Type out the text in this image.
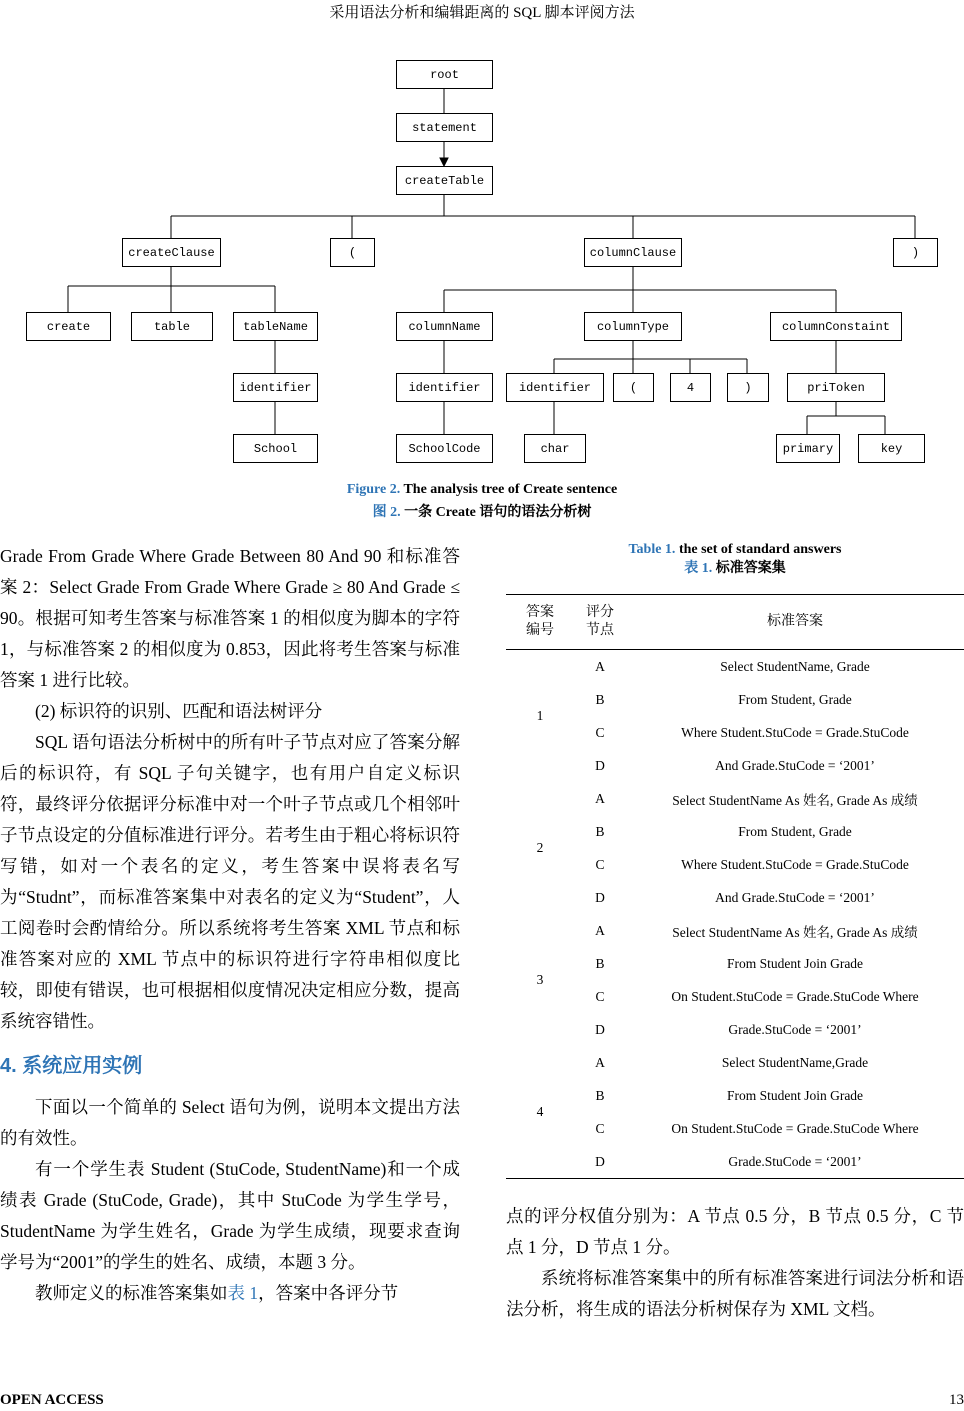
采用语法分析和编辑距离的 SQL 脚本评阅方法
root
statement
createTable
createClause	(	columnClause	)
create	table	tableName	columnName	columnType	columnConstaint
identifier	identifier	identifier	(	4	)	priToken
School	SchoolCode	char	primary	key
Figure 2. The analysis tree of Create sentence
图 2. 一条 Create 语句的语法分析树

Grade From Grade Where Grade Between 80 And 90 和标准答案 2：Select Grade From Grade Where Grade ≥ 80 And Grade ≤ 90。根据可知考生答案与标准答案 1 的相似度为脚本的字符 1，与标准答案 2 的相似度为 0.853，因此将考生答案与标准答案 1 进行比较。

(2) 标识符的识别、匹配和语法树评分

SQL 语句语法分析树中的所有叶子节点对应了答案分解后的标识符，有 SQL 子句关键字，也有用户自定义标识符，最终评分依据评分标准中对一个叶子节点或几个相邻叶子节点设定的分值标准进行评分。若考生由于粗心将标识符写错，如对一个表名的定义，考生答案中误将表名写为“Studnt”，而标准答案集中对表名的定义为“Student”，人工阅卷时会酌情给分。所以系统将考生答案 XML 节点和标准答案对应的 XML 节点中的标识符进行字符串相似度比较，即使有错误，也可根据相似度情况决定相应分数，提高系统容错性。

4. 系统应用实例

下面以一个简单的 Select 语句为例，说明本文提出方法的有效性。

有一个学生表 Student (StuCode, StudentName)和一个成绩表 Grade (StuCode, Grade)，其中 StuCode 为学生学号，StudentName 为学生姓名，Grade 为学生成绩，现要求查询学号为“2001”的学生的姓名、成绩，本题 3 分。

教师定义的标准答案集如表 1，答案中各评分节

Table 1. the set of standard answers
表 1. 标准答案集
答案
编号	评分
节点	标准答案
1	A	Select StudentName, Grade
	B	From Student, Grade
	C	Where Student.StuCode = Grade.StuCode
	D	And Grade.StuCode = ‘2001’
2	A	Select StudentName As 姓名, Grade As 成绩
	B	From Student, Grade
	C	Where Student.StuCode = Grade.StuCode
	D	And Grade.StuCode = ‘2001’
3	A	Select StudentName As 姓名, Grade As 成绩
	B	From Student Join Grade
	C	On Student.StuCode = Grade.StuCode Where
	D	Grade.StuCode = ‘2001’
4	A	Select StudentName,Grade
	B	From Student Join Grade
	C	On Student.StuCode = Grade.StuCode Where
	D	Grade.StuCode = ‘2001’

点的评分权值分别为：A 节点 0.5 分，B 节点 0.5 分，C 节点 1 分，D 节点 1 分。

系统将标准答案集中的所有标准答案进行词法分析和语法分析，将生成的语法分析树保存为 XML 文档。

OPEN ACCESS	13
